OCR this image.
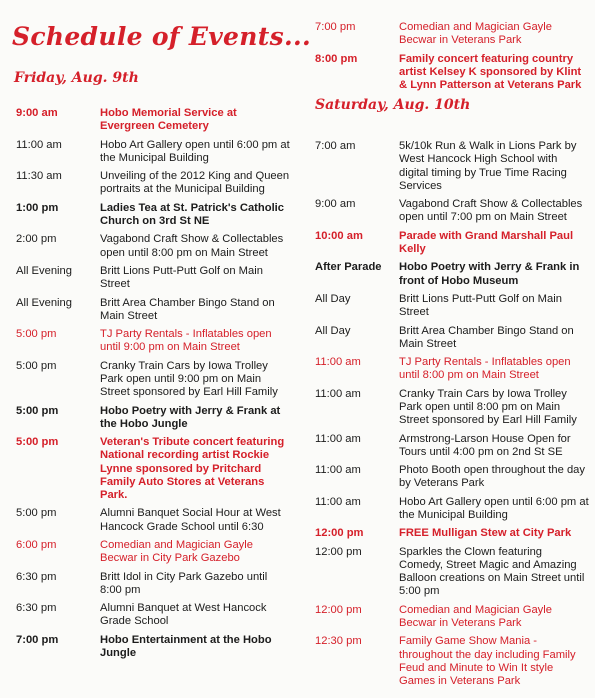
Schedule of Events...
Friday, Aug. 9th
9:00 am	Hobo Memorial Service at Evergreen Cemetery
11:00 am	Hobo Art Gallery open until 6:00 pm at the Municipal Building
11:30 am	Unveiling of the 2012 King and Queen portraits at the Municipal Building
1:00 pm	Ladies Tea at St. Patrick's Catholic Church on 3rd St NE
2:00 pm	Vagabond Craft Show & Collectables open until 8:00 pm on Main Street
All Evening	Britt Lions Putt-Putt Golf on Main Street
All Evening	Britt Area Chamber Bingo Stand on Main Street
5:00 pm	TJ Party Rentals - Inflatables open until 9:00 pm on Main Street
5:00 pm	Cranky Train Cars by Iowa Trolley Park open until 9:00 pm on Main Street sponsored by Earl Hill Family
5:00 pm	Hobo Poetry with Jerry & Frank at the Hobo Jungle
5:00 pm	Veteran's Tribute concert featuring National recording artist Rockie Lynne sponsored by Pritchard Family Auto Stores at Veterans Park.
5:00 pm	Alumni Banquet Social Hour at West Hancock Grade School until 6:30
6:00 pm	Comedian and Magician Gayle Becwar in City Park Gazebo
6:30 pm	Britt Idol in City Park Gazebo until 8:00 pm
6:30 pm	Alumni Banquet at West Hancock Grade School
7:00 pm	Hobo Entertainment at the Hobo Jungle
7:00 pm	Comedian and Magician Gayle Becwar in Veterans Park
8:00 pm	Family concert featuring country artist Kelsey K sponsored by Klint & Lynn Patterson at Veterans Park
7:00 am	5k/10k Run & Walk in Lions Park by West Hancock High School with digital timing by True Time Racing Services
9:00 am	Vagabond Craft Show & Collectables open until 7:00 pm on Main Street
10:00 am	Parade with Grand Marshall Paul Kelly
After Parade	Hobo Poetry with Jerry & Frank in front of Hobo Museum
All Day	Britt Lions Putt-Putt Golf on Main Street
All Day	Britt Area Chamber Bingo Stand on Main Street
11:00 am	TJ Party Rentals - Inflatables open until 8:00 pm on Main Street
11:00 am	Cranky Train Cars by Iowa Trolley Park open until 8:00 pm on Main Street sponsored by Earl Hill Family
11:00 am	Armstrong-Larson House Open for Tours until 4:00 pm on 2nd St SE
11:00 am	Photo Booth open throughout the day by Veterans Park
11:00 am	Hobo Art Gallery open until 6:00 pm at the Municipal Building
12:00 pm	FREE Mulligan Stew at City Park
12:00 pm	Sparkles the Clown featuring Comedy, Street Magic and Amazing Balloon creations on Main Street until 5:00 pm
12:00 pm	Comedian and Magician Gayle Becwar in Veterans Park
12:30 pm	Family Game Show Mania - throughout the day including Family Feud and Minute to Win It style Games in Veterans Park
Saturday, Aug. 10th
